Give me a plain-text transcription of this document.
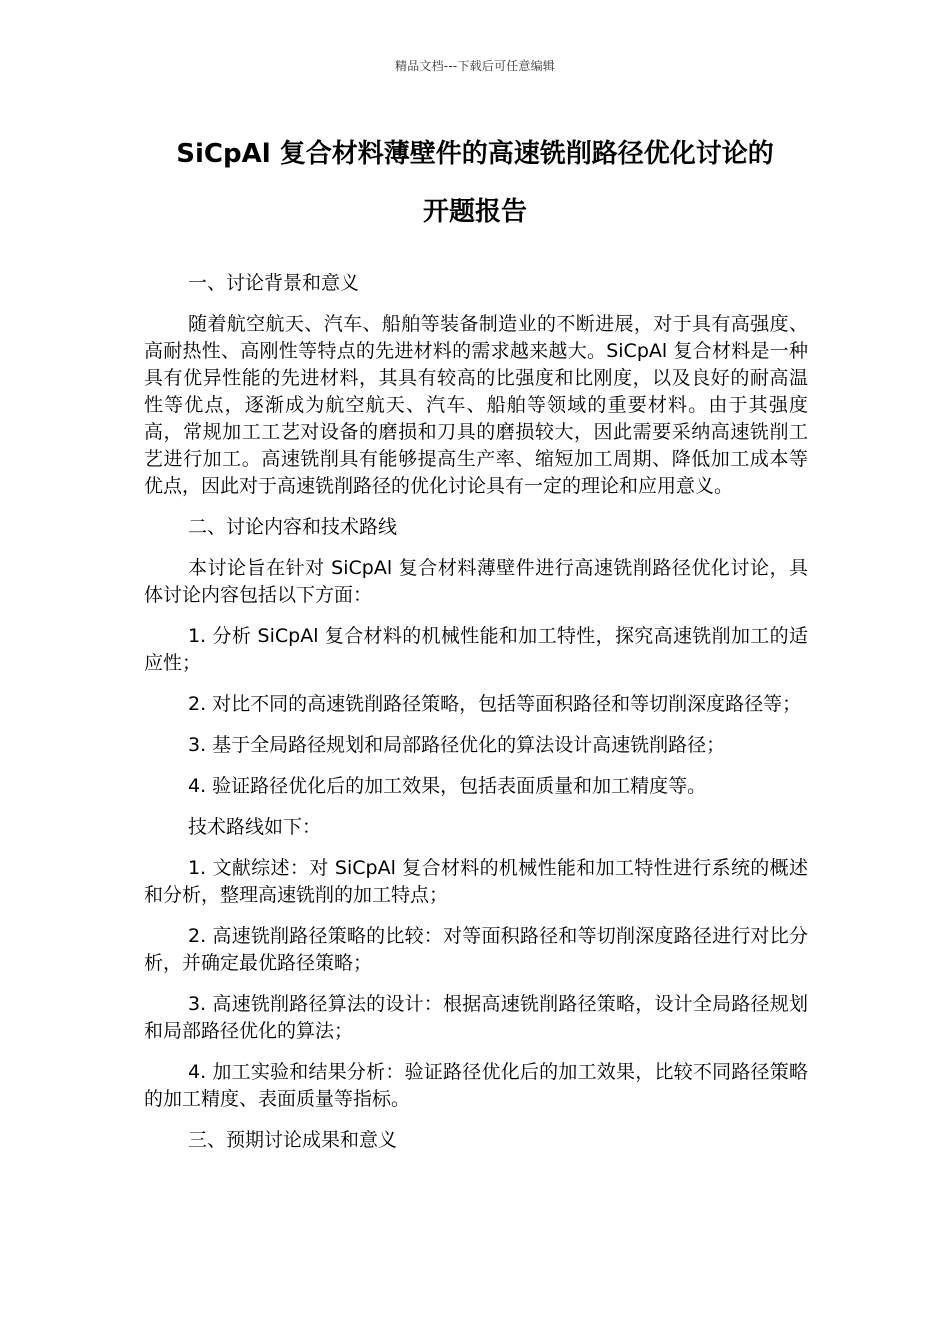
精品文档---下载后可任意编辑
SiCpAl 复合材料薄壁件的高速铣削路径优化讨论的
开题报告

一、讨论背景和意义

随着航空航天、汽车、船舶等装备制造业的不断进展，对于具有高强度、高耐热性、高刚性等特点的先进材料的需求越来越大。SiCpAl 复合材料是一种具有优异性能的先进材料，其具有较高的比强度和比刚度，以及良好的耐高温性等优点，逐渐成为航空航天、汽车、船舶等领域的重要材料。由于其强度高，常规加工工艺对设备的磨损和刀具的磨损较大，因此需要采纳高速铣削工艺进行加工。高速铣削具有能够提高生产率、缩短加工周期、降低加工成本等优点，因此对于高速铣削路径的优化讨论具有一定的理论和应用意义。

二、讨论内容和技术路线

本讨论旨在针对 SiCpAl 复合材料薄壁件进行高速铣削路径优化讨论，具体讨论内容包括以下方面：

1. 分析 SiCpAl 复合材料的机械性能和加工特性，探究高速铣削加工的适应性；

2. 对比不同的高速铣削路径策略，包括等面积路径和等切削深度路径等；

3. 基于全局路径规划和局部路径优化的算法设计高速铣削路径；

4. 验证路径优化后的加工效果，包括表面质量和加工精度等。

技术路线如下：

1. 文献综述：对 SiCpAl 复合材料的机械性能和加工特性进行系统的概述和分析，整理高速铣削的加工特点；

2. 高速铣削路径策略的比较：对等面积路径和等切削深度路径进行对比分析，并确定最优路径策略；

3. 高速铣削路径算法的设计：根据高速铣削路径策略，设计全局路径规划和局部路径优化的算法；

4. 加工实验和结果分析：验证路径优化后的加工效果，比较不同路径策略的加工精度、表面质量等指标。

三、预期讨论成果和意义
